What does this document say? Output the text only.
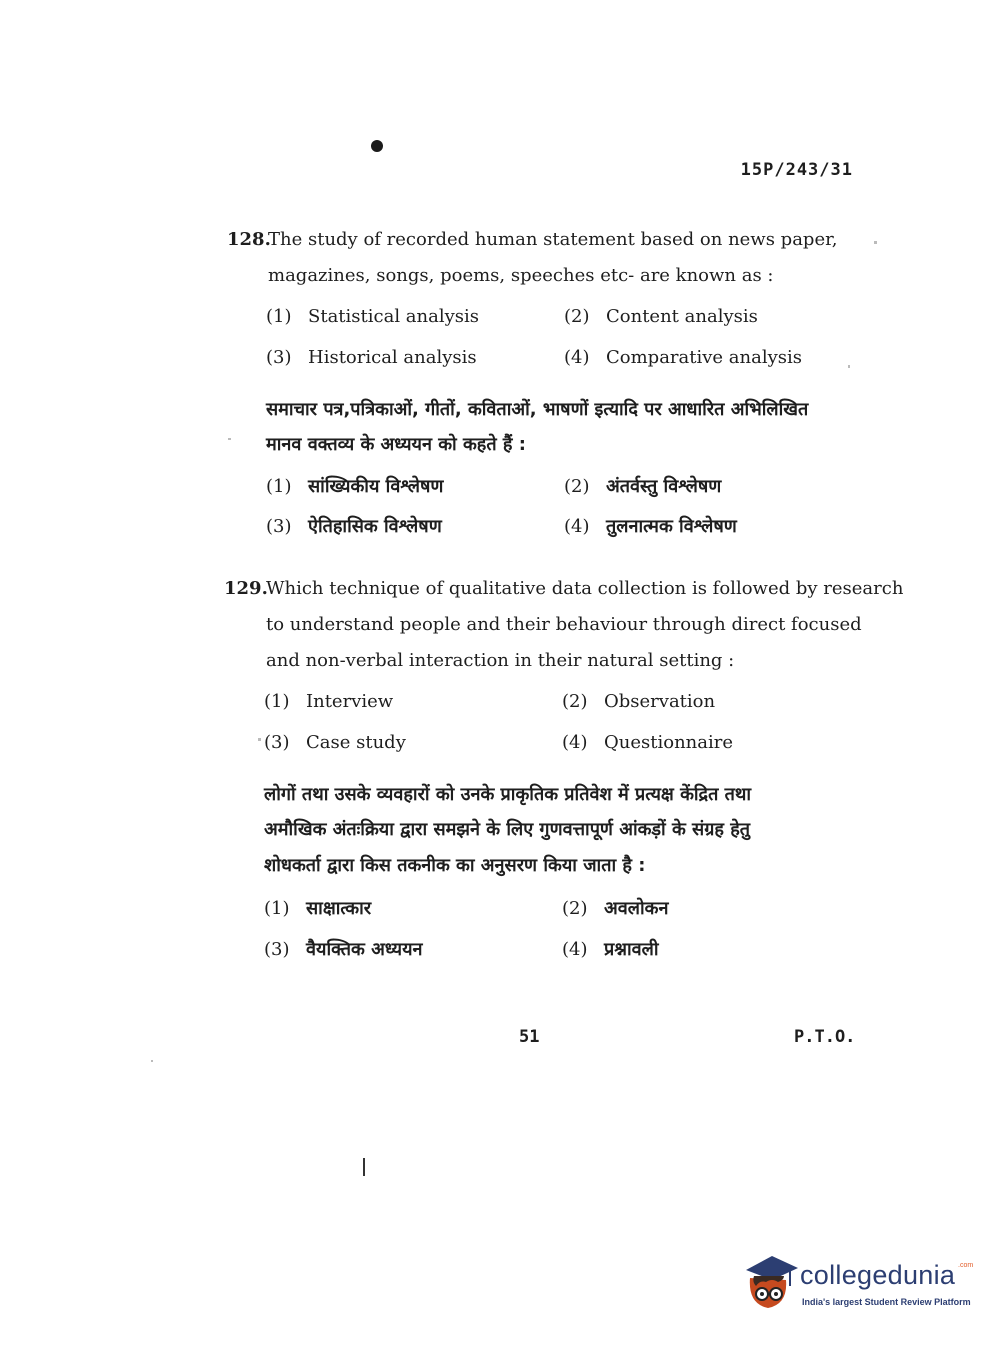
15P/243/31
128.
The study of recorded human statement based on news paper,
magazines, songs, poems, speeches etc- are known as :
(1) Statistical analysis	(2) Content analysis
(3) Historical analysis	(4) Comparative analysis
समाचार पत्र,पत्रिकाओं, गीतों, कविताओं, भाषणों इत्यादि पर आधारित अभिलिखित
मानव वक्तव्य के अध्ययन को कहते हैं :
(1) सांख्यिकीय विश्लेषण	(2) अंतर्वस्तु विश्लेषण
(3) ऐतिहासिक विश्लेषण	(4) तुलनात्मक विश्लेषण
129.
Which technique of qualitative data collection is followed by research
to understand people and their behaviour through direct focused
and non-verbal interaction in their natural setting :
(1) Interview	(2) Observation
(3) Case study	(4) Questionnaire
लोगों तथा उसके व्यवहारों को उनके प्राकृतिक प्रतिवेश में प्रत्यक्ष केंद्रित तथा
अमौखिक अंतःक्रिया द्वारा समझने के लिए गुणवत्तापूर्ण आंकड़ों के संग्रह हेतु
शोधकर्ता द्वारा किस तकनीक का अनुसरण किया जाता है :
(1) साक्षात्कार	(2) अवलोकन
(3) वैयक्तिक अध्ययन	(4) प्रश्नावली
51	P.T.O.
collegedunia .com
India's largest Student Review Platform
